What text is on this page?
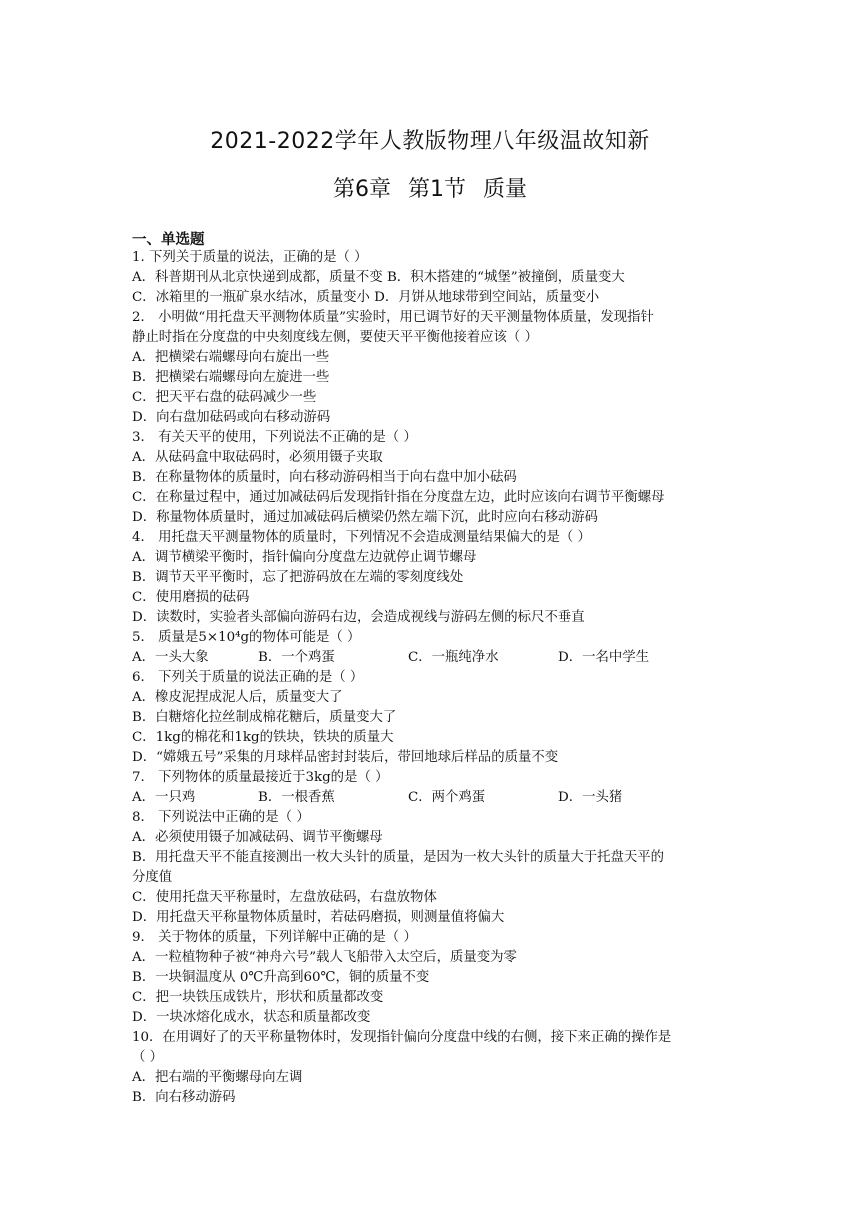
2021-2022学年人教版物理八年级温故知新
第6章 第1节 质量
一、单选题
1. 下列关于质量的说法，正确的是（ ）
A．科普期刊从北京快递到成都，质量不变 B．积木搭建的“城堡”被撞倒，质量变大
C．冰箱里的一瓶矿泉水结冰，质量变小 D．月饼从地球带到空间站，质量变小
2． 小明做“用托盘天平测物体质量”实验时，用已调节好的天平测量物体质量，发现指针
静止时指在分度盘的中央刻度线左侧，要使天平平衡他接着应该（ ）
A．把横梁右端螺母向右旋出一些
B．把横梁右端螺母向左旋进一些
C．把天平右盘的砝码减少一些
D．向右盘加砝码或向右移动游码
3． 有关天平的使用，下列说法不正确的是（ ）
A．从砝码盒中取砝码时，必须用镊子夹取
B．在称量物体的质量时，向右移动游码相当于向右盘中加小砝码
C．在称量过程中，通过加减砝码后发现指针指在分度盘左边，此时应该向右调节平衡螺母
D．称量物体质量时，通过加减砝码后横梁仍然左端下沉，此时应向右移动游码
4． 用托盘天平测量物体的质量时，下列情况不会造成测量结果偏大的是（ ）
A．调节横梁平衡时，指针偏向分度盘左边就停止调节螺母
B．调节天平平衡时，忘了把游码放在左端的零刻度线处
C．使用磨损的砝码
D．读数时，实验者头部偏向游码右边，会造成视线与游码左侧的标尺不垂直
5． 质量是5×10⁴g的物体可能是（ ）
A．一头大象	B．一个鸡蛋	C．一瓶纯净水	D．一名中学生
6． 下列关于质量的说法正确的是（ ）
A．橡皮泥捏成泥人后，质量变大了
B．白糖熔化拉丝制成棉花糖后，质量变大了
C．1kg的棉花和1kg的铁块，铁块的质量大
D．“嫦娥五号”采集的月球样品密封封装后，带回地球后样品的质量不变
7． 下列物体的质量最接近于3kg的是（ ）
A．一只鸡	B．一根香蕉	C．两个鸡蛋	D．一头猪
8． 下列说法中正确的是（ ）
A．必须使用镊子加减砝码、调节平衡螺母
B．用托盘天平不能直接测出一枚大头针的质量，是因为一枚大头针的质量大于托盘天平的
分度值
C．使用托盘天平称量时，左盘放砝码，右盘放物体
D．用托盘天平称量物体质量时，若砝码磨损，则测量值将偏大
9． 关于物体的质量，下列详解中正确的是（ ）
A．一粒植物种子被“神舟六号”载人飞船带入太空后，质量变为零
B．一块铜温度从 0℃升高到60℃，铜的质量不变
C．把一块铁压成铁片，形状和质量都改变
D．一块冰熔化成水，状态和质量都改变
10．在用调好了的天平称量物体时，发现指针偏向分度盘中线的右侧，接下来正确的操作是
（ ）
A．把右端的平衡螺母向左调
B．向右移动游码
